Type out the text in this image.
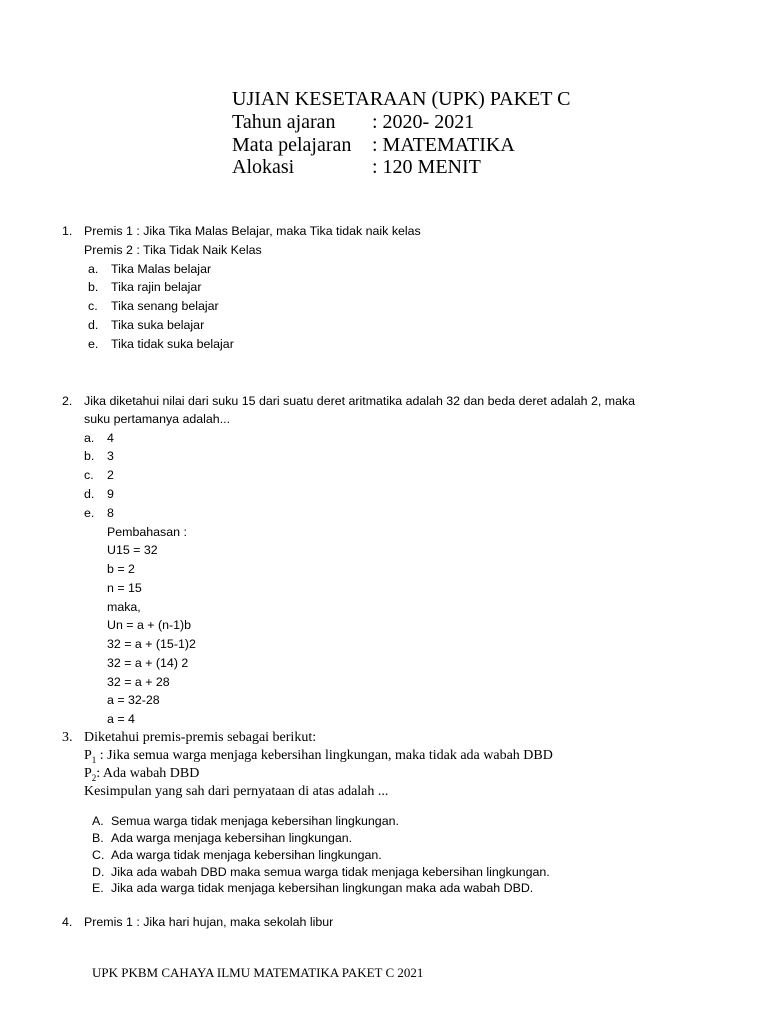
UJIAN KESETARAAN (UPK) PAKET C
Tahun ajaran : 2020- 2021
Mata pelajaran : MATEMATIKA
Alokasi	: 120 MENIT
1. Premis 1 : Jika Tika Malas Belajar, maka Tika tidak naik kelas
Premis 2 : Tika Tidak Naik Kelas
a. Tika Malas belajar
b. Tika rajin belajar
c. Tika senang belajar
d. Tika suka belajar
e. Tika tidak suka belajar
2. Jika diketahui nilai dari suku 15 dari suatu deret aritmatika adalah 32 dan beda deret adalah 2, maka
suku pertamanya adalah...
a. 4
b. 3
c. 2
d. 9
e. 8
Pembahasan :
U15 = 32
b = 2
n = 15
maka,
Un = a + (n-1)b
32 = a + (15-1)2
32 = a + (14) 2
32 = a + 28
a = 32-28
a = 4
3. Diketahui premis-premis sebagai berikut:
$P_1$ : Jika semua warga menjaga kebersihan lingkungan, maka tidak ada wabah DBD
$P_2$: Ada wabah DBD
Kesimpulan yang sah dari pernyataan di atas adalah ...
A. Semua warga tidak menjaga kebersihan lingkungan.
B. Ada warga menjaga kebersihan lingkungan.
C. Ada warga tidak menjaga kebersihan lingkungan.
D. Jika ada wabah DBD maka semua warga tidak menjaga kebersihan lingkungan.
E. Jika ada warga tidak menjaga kebersihan lingkungan maka ada wabah DBD.
4. Premis 1 : Jika hari hujan, maka sekolah libur
UPK PKBM CAHAYA ILMU MATEMATIKA PAKET C 2021
